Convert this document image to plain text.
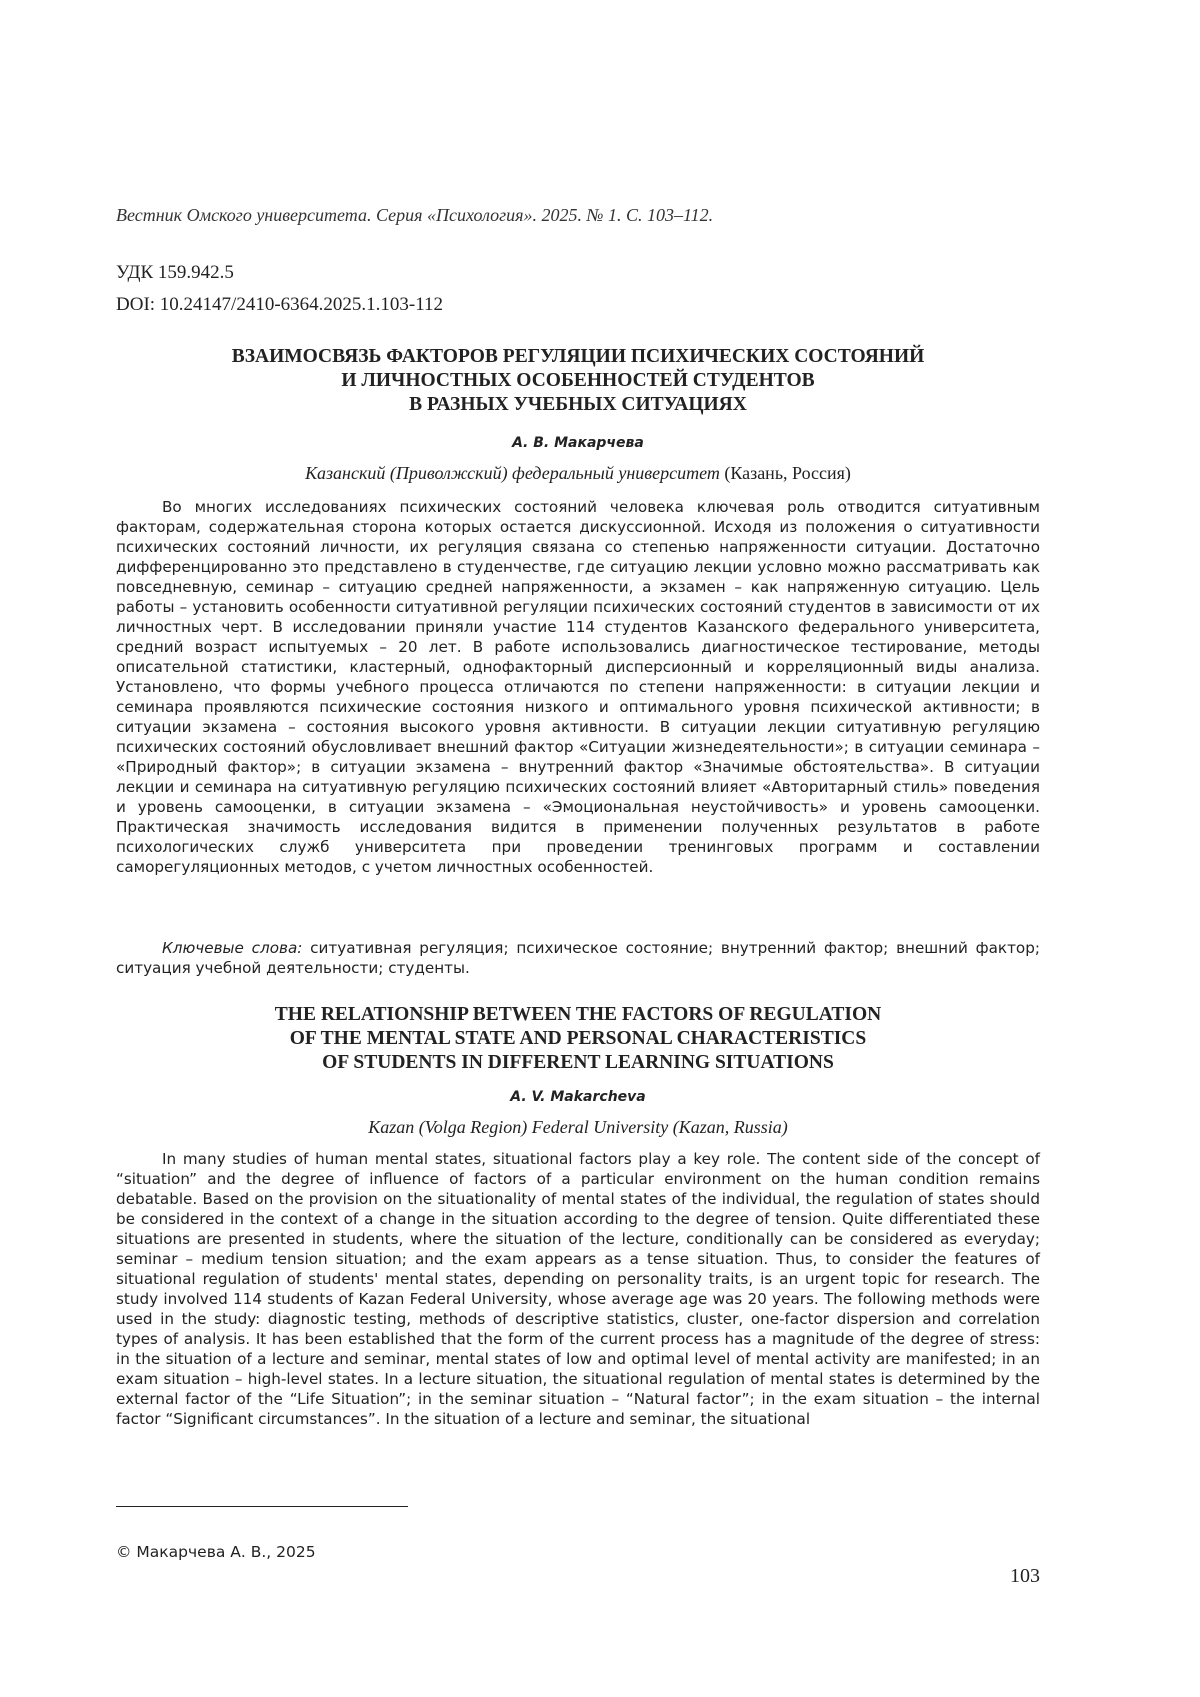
Вестник Омского университета. Серия «Психология». 2025. № 1. С. 103–112.
УДК 159.942.5
DOI: 10.24147/2410-6364.2025.1.103-112
ВЗАИМОСВЯЗЬ ФАКТОРОВ РЕГУЛЯЦИИ ПСИХИЧЕСКИХ СОСТОЯНИЙ
И ЛИЧНОСТНЫХ ОСОБЕННОСТЕЙ СТУДЕНТОВ
В РАЗНЫХ УЧЕБНЫХ СИТУАЦИЯХ
А. В. Макарчева
Казанский (Приволжский) федеральный университет (Казань, Россия)
Во многих исследованиях психических состояний человека ключевая роль отводится ситуативным факторам, содержательная сторона которых остается дискуссионной. Исходя из положения о ситуативности психических состояний личности, их регуляция связана со степенью напряженности ситуации. Достаточно дифференцированно это представлено в студенчестве, где ситуацию лекции условно можно рассматривать как повседневную, семинар – ситуацию средней напряженности, а экзамен – как напряженную ситуацию. Цель работы – установить особенности ситуативной регуляции психических состояний студентов в зависимости от их личностных черт. В исследовании приняли участие 114 студентов Казанского федерального университета, средний возраст испытуемых – 20 лет. В работе использовались диагностическое тестирование, методы описательной статистики, кластерный, однофакторный дисперсионный и корреляционный виды анализа. Установлено, что формы учебного процесса отличаются по степени напряженности: в ситуации лекции и семинара проявляются психические состояния низкого и оптимального уровня психической активности; в ситуации экзамена – состояния высокого уровня активности. В ситуации лекции ситуативную регуляцию психических состояний обусловливает внешний фактор «Ситуации жизнедеятельности»; в ситуации семинара – «Природный фактор»; в ситуации экзамена – внутренний фактор «Значимые обстоятельства». В ситуации лекции и семинара на ситуативную регуляцию психических состояний влияет «Авторитарный стиль» поведения и уровень самооценки, в ситуации экзамена – «Эмоциональная неустойчивость» и уровень самооценки. Практическая значимость исследования видится в применении полученных результатов в работе психологических служб университета при проведении тренинговых программ и составлении саморегуляционных методов, с учетом личностных особенностей.
Ключевые слова: ситуативная регуляция; психическое состояние; внутренний фактор; внешний фактор; ситуация учебной деятельности; студенты.
THE RELATIONSHIP BETWEEN THE FACTORS OF REGULATION
OF THE MENTAL STATE AND PERSONAL CHARACTERISTICS
OF STUDENTS IN DIFFERENT LEARNING SITUATIONS
A. V. Makarcheva
Kazan (Volga Region) Federal University (Kazan, Russia)
In many studies of human mental states, situational factors play a key role. The content side of the concept of “situation” and the degree of influence of factors of a particular environment on the human condition remains debatable. Based on the provision on the situationality of mental states of the individual, the regulation of states should be considered in the context of a change in the situation according to the degree of tension. Quite differentiated these situations are presented in students, where the situation of the lecture, conditionally can be considered as everyday; seminar – medium tension situation; and the exam appears as a tense situation. Thus, to consider the features of situational regulation of students' mental states, depending on personality traits, is an urgent topic for research. The study involved 114 students of Kazan Federal University, whose average age was 20 years. The following methods were used in the study: diagnostic testing, methods of descriptive statistics, cluster, one-factor dispersion and correlation types of analysis. It has been established that the form of the current process has a magnitude of the degree of stress: in the situation of a lecture and seminar, mental states of low and optimal level of mental activity are manifested; in an exam situation – high-level states. In a lecture situation, the situational regulation of mental states is determined by the external factor of the “Life Situation”; in the seminar situation – “Natural factor”; in the exam situation – the internal factor “Significant circumstances”. In the situation of a lecture and seminar, the situational
© Макарчева А. В., 2025
103
